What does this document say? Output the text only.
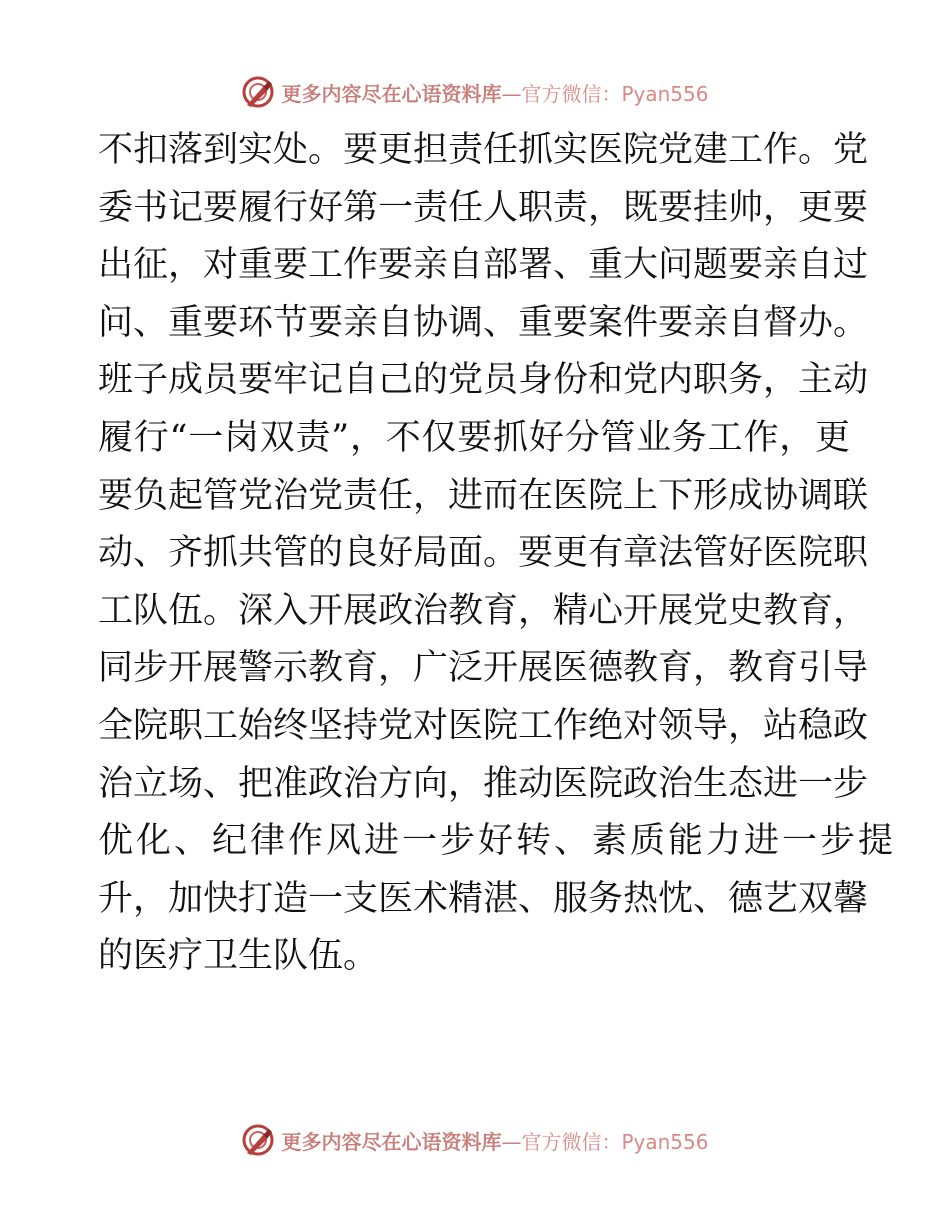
更多内容尽在心语资料库—官方微信：Pyan556
不扣落到实处。要更担责任抓实医院党建工作。党
委书记要履行好第一责任人职责，既要挂帅，更要
出征，对重要工作要亲自部署、重大问题要亲自过
问、重要环节要亲自协调、重要案件要亲自督办。
班子成员要牢记自己的党员身份和党内职务，主动
履行“一岗双责”，不仅要抓好分管业务工作，更
要负起管党治党责任，进而在医院上下形成协调联
动、齐抓共管的良好局面。要更有章法管好医院职
工队伍。深入开展政治教育，精心开展党史教育，
同步开展警示教育，广泛开展医德教育，教育引导
全院职工始终坚持党对医院工作绝对领导，站稳政
治立场、把准政治方向，推动医院政治生态进一步
优化、纪律作风进一步好转、素质能力进一步提
升，加快打造一支医术精湛、服务热忱、德艺双馨
的医疗卫生队伍。
更多内容尽在心语资料库—官方微信：Pyan556
